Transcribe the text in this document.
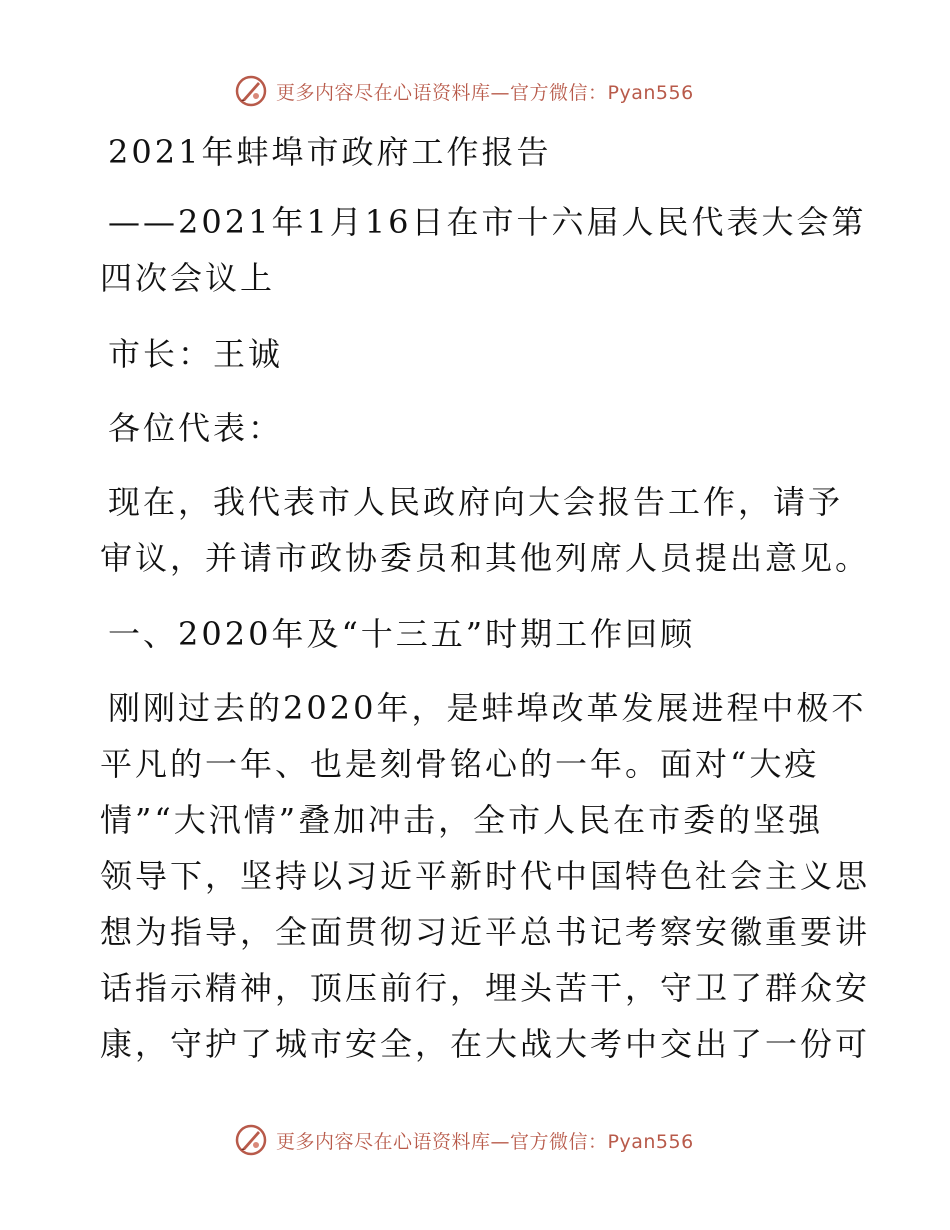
更多内容尽在心语资料库—官方微信：Pyan556
2021年蚌埠市政府工作报告
——2021年1月16日在市十六届人民代表大会第
四次会议上
市长：王诚
各位代表：
现在，我代表市人民政府向大会报告工作，请予
审议，并请市政协委员和其他列席人员提出意见。
一、2020年及“十三五”时期工作回顾
刚刚过去的2020年，是蚌埠改革发展进程中极不
平凡的一年、也是刻骨铭心的一年。面对“大疫
情”“大汛情”叠加冲击，全市人民在市委的坚强
领导下，坚持以习近平新时代中国特色社会主义思
想为指导，全面贯彻习近平总书记考察安徽重要讲
话指示精神，顶压前行，埋头苦干，守卫了群众安
康，守护了城市安全，在大战大考中交出了一份可
更多内容尽在心语资料库—官方微信：Pyan556
